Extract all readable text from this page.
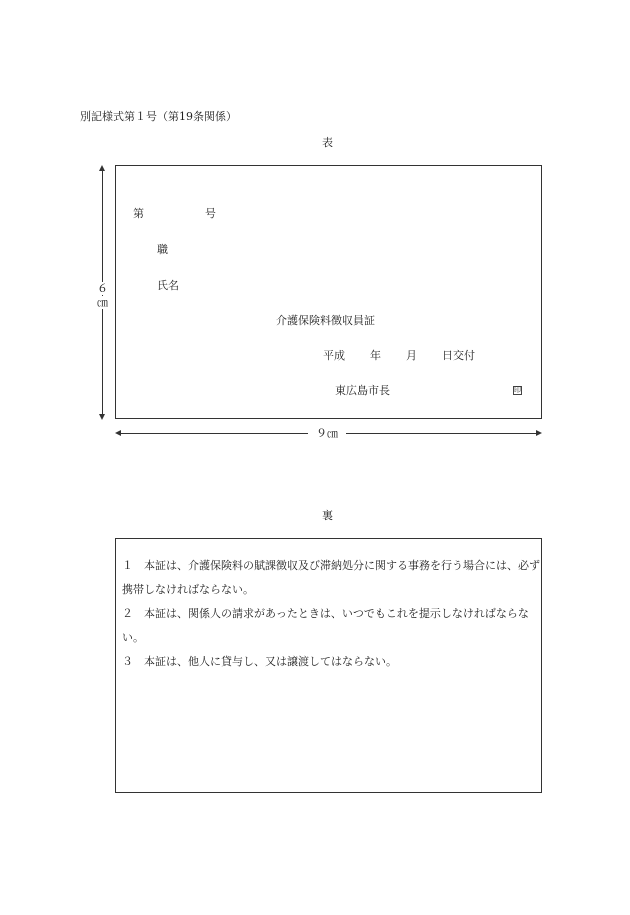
別記様式第１号（第19条関係）
表
６
㎝
第	号
職
氏名
介護保険料徴収員証
平成 年 月 日交付
東広島市長	印
９㎝
裏

１　 本証は、介護保険料の賦課徴収及び滞納処分に関する事務を行う場合には、必ず携帯しなければならない。

２　 本証は、関係人の請求があったときは、いつでもこれを提示しなければならない。

３　 本証は、他人に貸与し、又は譲渡してはならない。
